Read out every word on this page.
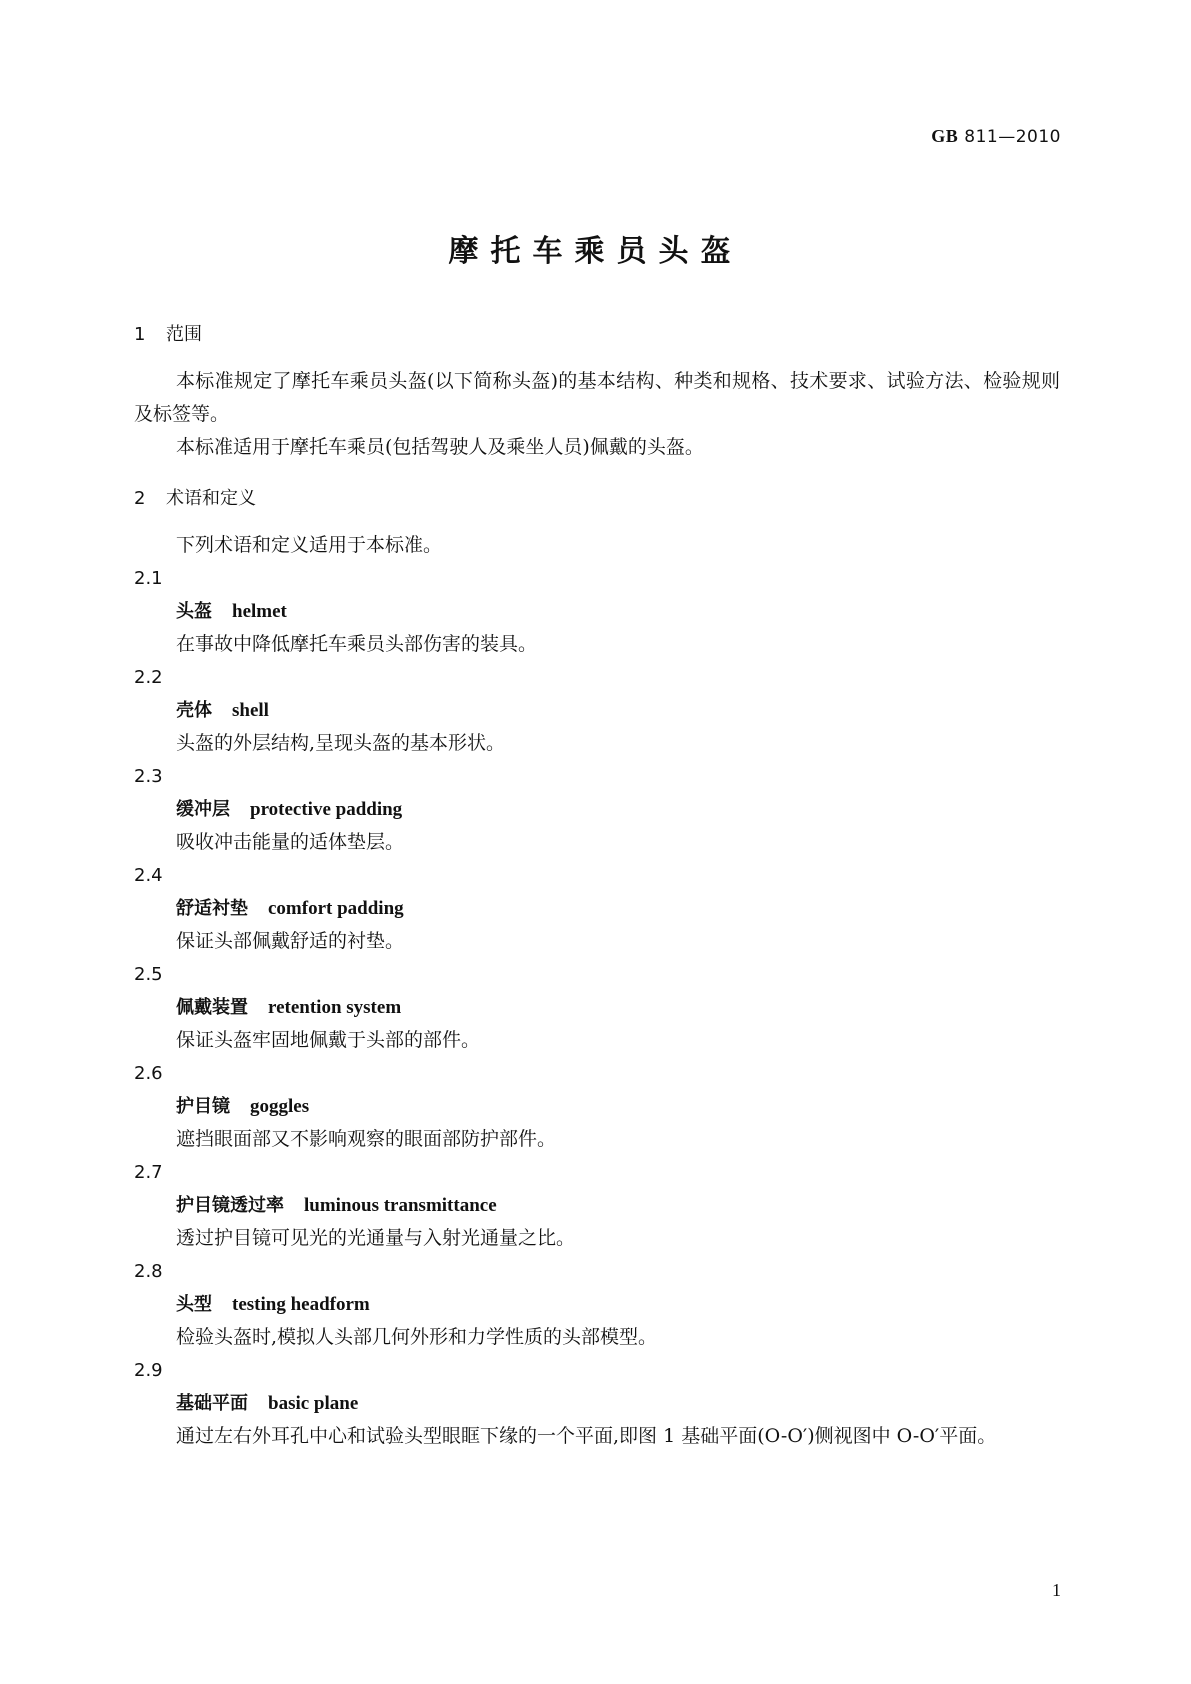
GB 811—2010
摩托车乘员头盔

1 范围

本标准规定了摩托车乘员头盔(以下简称头盔)的基本结构、种类和规格、技术要求、试验方法、检验规则及标签等。

本标准适用于摩托车乘员(包括驾驶人及乘坐人员)佩戴的头盔。

2 术语和定义

下列术语和定义适用于本标准。

2.1

头盔 helmet

在事故中降低摩托车乘员头部伤害的装具。

2.2

壳体 shell

头盔的外层结构,呈现头盔的基本形状。

2.3

缓冲层 protective padding

吸收冲击能量的适体垫层。

2.4

舒适衬垫 comfort padding

保证头部佩戴舒适的衬垫。

2.5

佩戴装置 retention system

保证头盔牢固地佩戴于头部的部件。

2.6

护目镜 goggles

遮挡眼面部又不影响观察的眼面部防护部件。

2.7

护目镜透过率 luminous transmittance

透过护目镜可见光的光通量与入射光通量之比。

2.8

头型 testing headform

检验头盔时,模拟人头部几何外形和力学性质的头部模型。

2.9

基础平面 basic plane

通过左右外耳孔中心和试验头型眼眶下缘的一个平面,即图 1 基础平面(O-O′)侧视图中 O-O′平面。

1
